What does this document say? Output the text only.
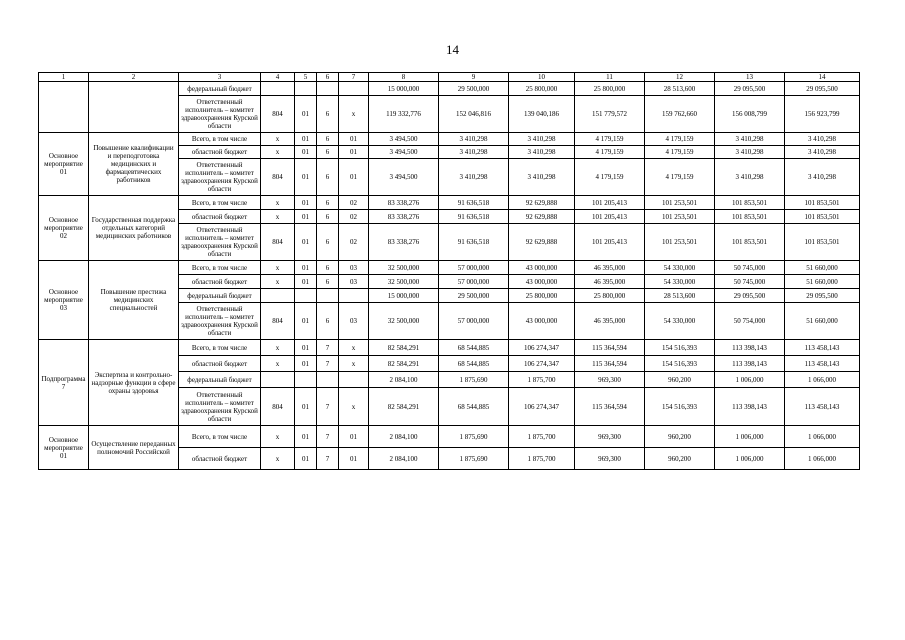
14
1	2	3	4	5	6	7	8	9	10	11	12	13	14
		федеральный бюджет					15 000,000	29 500,000	25 800,000	25 800,000	28 513,600	29 095,500	29 095,500
		Ответственный исполнитель – комитет здравоохранения Курской области	804	01	6	х	119 332,776	152 046,816	139 040,186	151 779,572	159 762,660	156 008,799	156 923,799
Основное мероприятие 01	Повышение квалификации и переподготовка медицинских и фармацевтических работников	Всего, в том числе	х	01	6	01	3 494,500	3 410,298	3 410,298	4 179,159	4 179,159	3 410,298	3 410,298
		областной бюджет	х	01	6	01	3 494,500	3 410,298	3 410,298	4 179,159	4 179,159	3 410,298	3 410,298
		Ответственный исполнитель – комитет здравоохранения Курской области	804	01	6	01	3 494,500	3 410,298	3 410,298	4 179,159	4 179,159	3 410,298	3 410,298
Основное мероприятие 02	Государственная поддержка отдельных категорий медицинских работников	Всего, в том числе	х	01	6	02	83 338,276	91 636,518	92 629,888	101 205,413	101 253,501	101 853,501	101 853,501
		областной бюджет	х	01	6	02	83 338,276	91 636,518	92 629,888	101 205,413	101 253,501	101 853,501	101 853,501
		Ответственный исполнитель – комитет здравоохранения Курской области	804	01	6	02	83 338,276	91 636,518	92 629,888	101 205,413	101 253,501	101 853,501	101 853,501
Основное мероприятие 03	Повышение престижа медицинских специальностей	Всего, в том числе	х	01	6	03	32 500,000	57 000,000	43 000,000	46 395,000	54 330,000	50 745,000	51 660,000
		областной бюджет	х	01	6	03	32 500,000	57 000,000	43 000,000	46 395,000	54 330,000	50 745,000	51 660,000
		федеральный бюджет					15 000,000	29 500,000	25 800,000	25 800,000	28 513,600	29 095,500	29 095,500
		Ответственный исполнитель – комитет здравоохранения Курской области	804	01	6	03	32 500,000	57 000,000	43 000,000	46 395,000	54 330,000	50 754,000	51 660,000
Подпрограмма 7	Экспертиза и контрольно-надзорные функции в сфере охраны здоровья	Всего, в том числе	х	01	7	х	82 584,291	68 544,885	106 274,347	115 364,594	154 516,393	113 398,143	113 458,143
		областной бюджет	х	01	7	х	82 584,291	68 544,885	106 274,347	115 364,594	154 516,393	113 398,143	113 458,143
		федеральный бюджет					2 084,100	1 875,690	1 875,700	969,300	960,200	1 006,000	1 066,000
		Ответственный исполнитель – комитет здравоохранения Курской области	804	01	7	х	82 584,291	68 544,885	106 274,347	115 364,594	154 516,393	113 398,143	113 458,143
Основное мероприятие 01	Осуществление переданных полномочий Российской	Всего, в том числе	х	01	7	01	2 084,100	1 875,690	1 875,700	969,300	960,200	1 006,000	1 066,000
		областной бюджет	х	01	7	01	2 084,100	1 875,690	1 875,700	969,300	960,200	1 006,000	1 066,000
